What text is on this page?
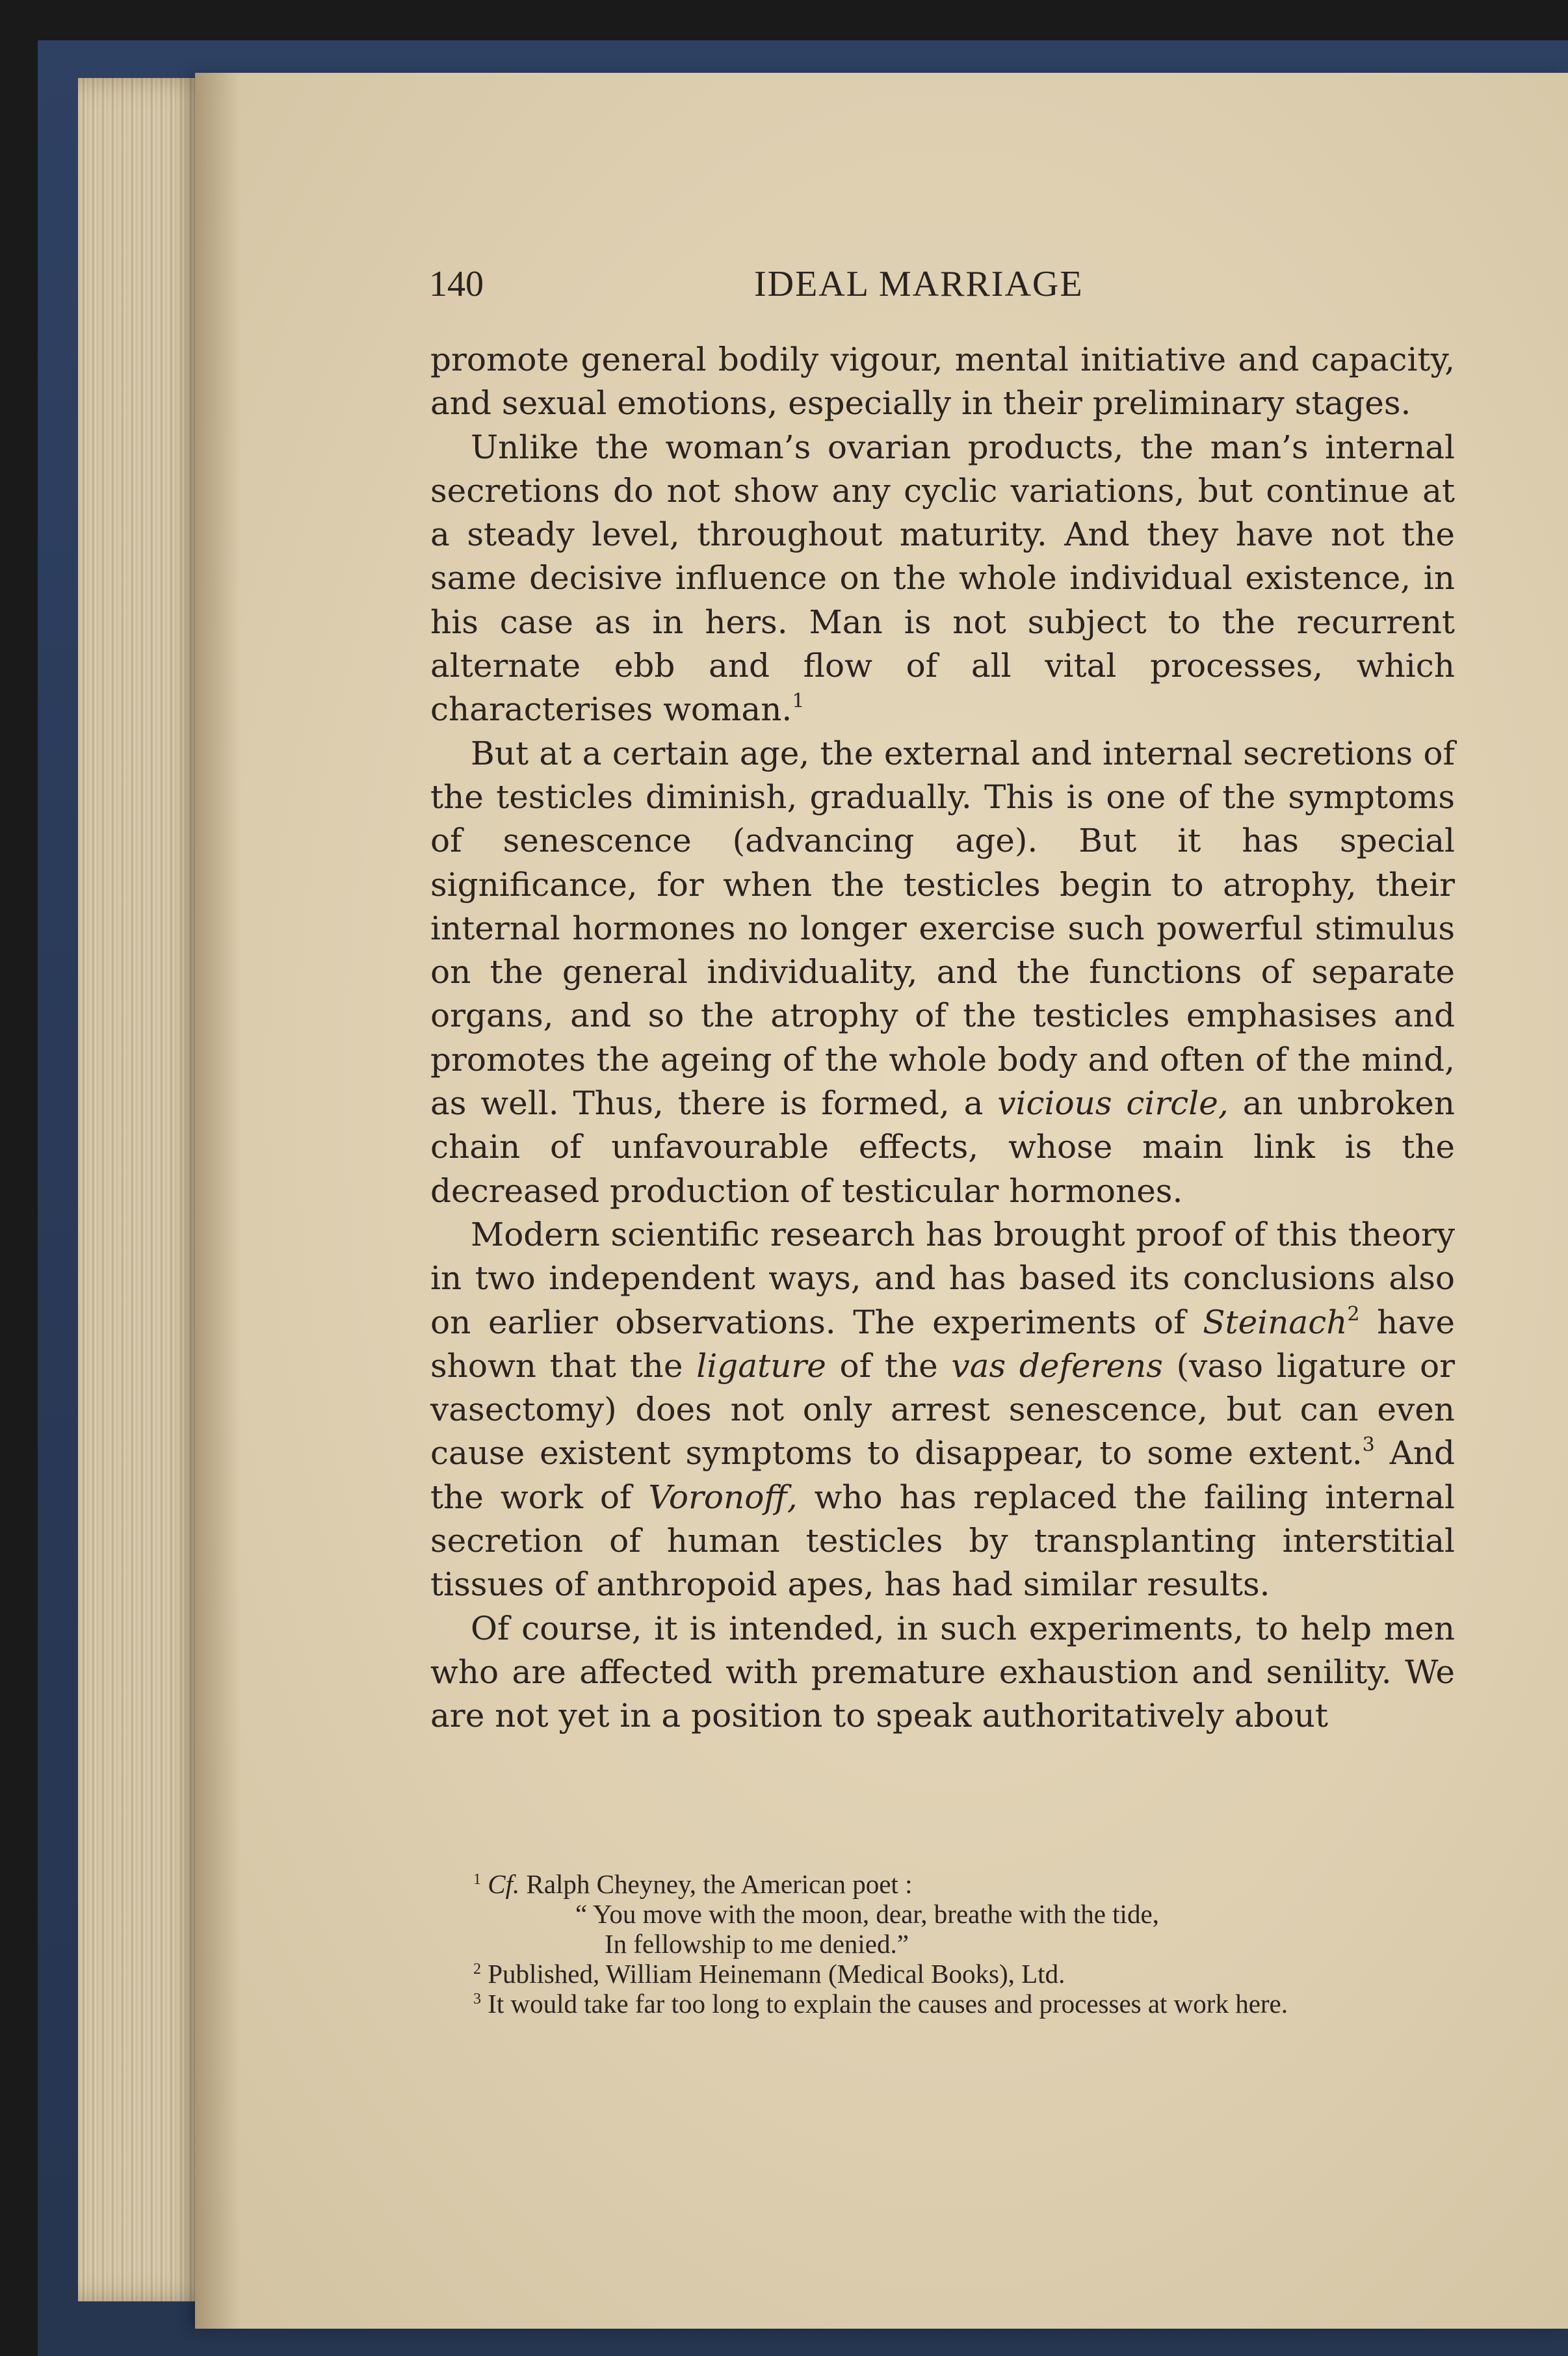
140	IDEAL MARRIAGE

promote general bodily vigour, mental initiative and capacity, and sexual emotions, especially in their preliminary stages.

Unlike the woman’s ovarian products, the man’s internal secretions do not show any cyclic variations, but continue at a steady level, throughout maturity. And they have not the same decisive influence on the whole individual existence, in his case as in hers. Man is not subject to the recurrent alternate ebb and flow of all vital processes, which characterises woman.$^1$

But at a certain age, the external and internal secretions of the testicles diminish, gradually. This is one of the symptoms of senescence (advancing age). But it has special significance, for when the testicles begin to atrophy, their internal hormones no longer exercise such powerful stimulus on the general individuality, and the functions of separate organs, and so the atrophy of the testicles emphasises and promotes the ageing of the whole body and often of the mind, as well. Thus, there is formed, a vicious circle, an unbroken chain of unfavourable effects, whose main link is the decreased production of testicular hormones.

Modern scientific research has brought proof of this theory in two independent ways, and has based its conclusions also on earlier observations. The experiments of Steinach$^2$ have shown that the ligature of the vas deferens (vaso ligature or vasectomy) does not only arrest senescence, but can even cause existent symptoms to disappear, to some extent.$^3$ And the work of Voronoff, who has replaced the failing internal secretion of human testicles by transplanting interstitial tissues of anthropoid apes, has had similar results.

Of course, it is intended, in such experiments, to help men who are affected with premature exhaustion and senility. We are not yet in a position to speak authoritatively about

$^1$ Cf. Ralph Cheyney, the American poet :

“ You move with the moon, dear, breathe with the tide,

In fellowship to me denied.”

$^2$ Published, William Heinemann (Medical Books), Ltd.

$^3$ It would take far too long to explain the causes and processes at work here.
